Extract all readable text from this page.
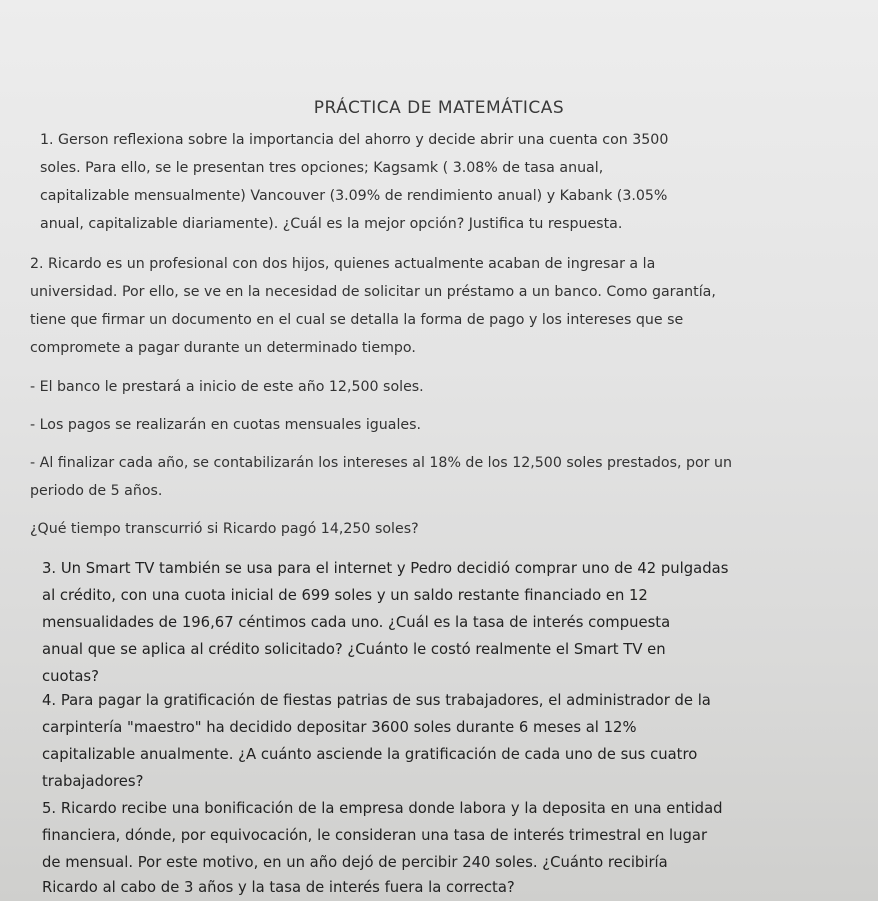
PRÁCTICA DE MATEMÁTICAS
1. Gerson reflexiona sobre la importancia del ahorro y decide abrir una cuenta con 3500
soles. Para ello, se le presentan tres opciones; Kagsamk ( 3.08% de tasa anual,
capitalizable mensualmente) Vancouver (3.09% de rendimiento anual) y Kabank (3.05%
anual, capitalizable diariamente). ¿Cuál es la mejor opción? Justifica tu respuesta.
2. Ricardo es un profesional con dos hijos, quienes actualmente acaban de ingresar a la
universidad. Por ello, se ve en la necesidad de solicitar un préstamo a un banco. Como garantía,
tiene que firmar un documento en el cual se detalla la forma de pago y los intereses que se
compromete a pagar durante un determinado tiempo.
- El banco le prestará a inicio de este año 12,500 soles.
- Los pagos se realizarán en cuotas mensuales iguales.
- Al finalizar cada año, se contabilizarán los intereses al 18% de los 12,500 soles prestados, por un
periodo de 5 años.
¿Qué tiempo transcurrió si Ricardo pagó 14,250 soles?
3. Un Smart TV también se usa para el internet y Pedro decidió comprar uno de 42 pulgadas
al crédito, con una cuota inicial de 699 soles y un saldo restante financiado en 12
mensualidades de 196,67 céntimos cada uno. ¿Cuál es la tasa de interés compuesta
anual que se aplica al crédito solicitado? ¿Cuánto le costó realmente el Smart TV en
cuotas?
4. Para pagar la gratificación de fiestas patrias de sus trabajadores, el administrador de la
carpintería "maestro" ha decidido depositar 3600 soles durante 6 meses al 12%
capitalizable anualmente. ¿A cuánto asciende la gratificación de cada uno de sus cuatro
trabajadores?
5. Ricardo recibe una bonificación de la empresa donde labora y la deposita en una entidad
financiera, dónde, por equivocación, le consideran una tasa de interés trimestral en lugar
de mensual. Por este motivo, en un año dejó de percibir 240 soles. ¿Cuánto recibiría
Ricardo al cabo de 3 años y la tasa de interés fuera la correcta?
